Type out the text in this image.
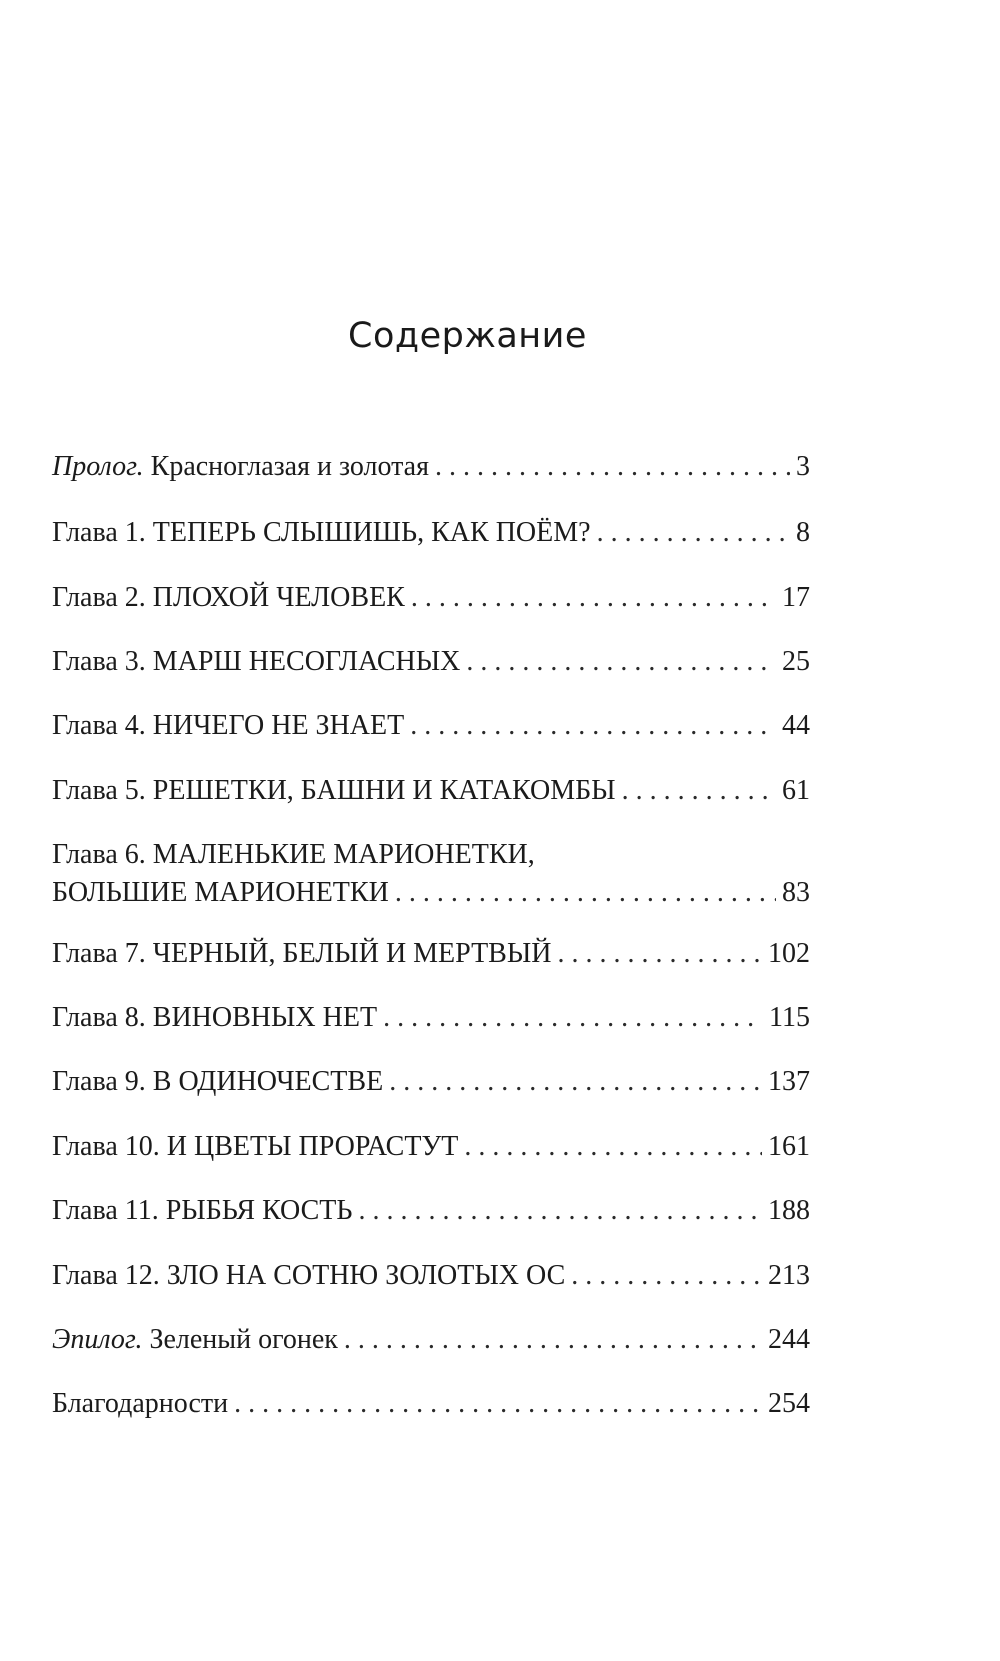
Содержание
Пролог. Красноглазая и золотая . . .	3
Глава 1. ТЕПЕРЬ СЛЫШИШЬ, КАК ПОЁМ? . . .	8
Глава 2. ПЛОХОЙ ЧЕЛОВЕК . . .	17
Глава 3. МАРШ НЕСОГЛАСНЫХ . . .	25
Глава 4. НИЧЕГО НЕ ЗНАЕТ . . .	44
Глава 5. РЕШЕТКИ, БАШНИ И КАТАКОМБЫ . . .	61
Глава 6. МАЛЕНЬКИЕ МАРИОНЕТКИ,
БОЛЬШИЕ МАРИОНЕТКИ . . .	83
Глава 7. ЧЕРНЫЙ, БЕЛЫЙ И МЕРТВЫЙ . . .	102
Глава 8. ВИНОВНЫХ НЕТ . . .	115
Глава 9. В ОДИНОЧЕСТВЕ . . .	137
Глава 10. И ЦВЕТЫ ПРОРАСТУТ . . .	161
Глава 11. РЫБЬЯ КОСТЬ . . .	188
Глава 12. ЗЛО НА СОТНЮ ЗОЛОТЫХ ОС . . .	213
Эпилог. Зеленый огонек . . .	244
Благодарности . . .	254
